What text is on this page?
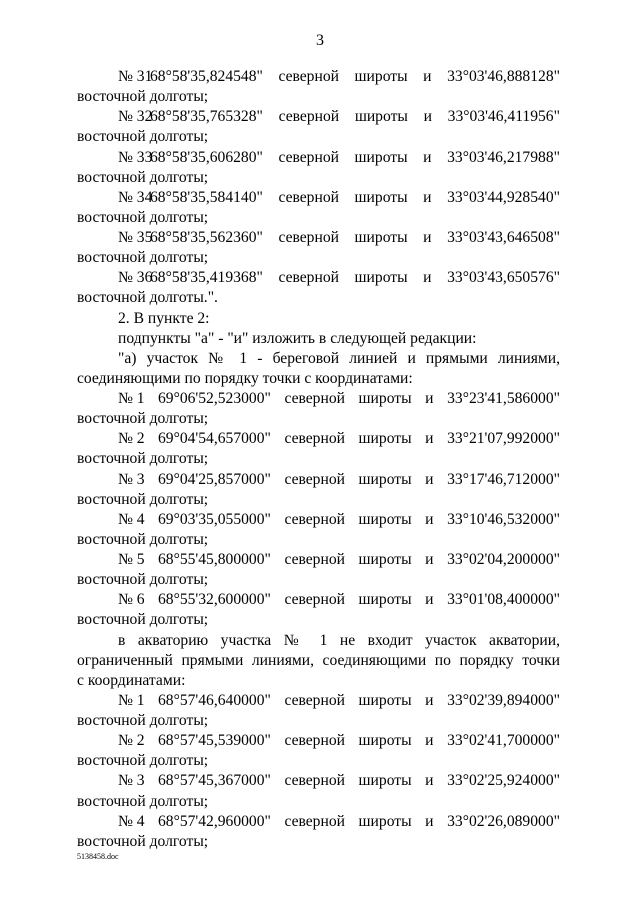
3
№ 3168°58'35,824548" северной широты и 33°03'46,888128"
восточной долготы;
№ 3268°58'35,765328" северной широты и 33°03'46,411956"
восточной долготы;
№ 3368°58'35,606280" северной широты и 33°03'46,217988"
восточной долготы;
№ 3468°58'35,584140" северной широты и 33°03'44,928540"
восточной долготы;
№ 3568°58'35,562360" северной широты и 33°03'43,646508"
восточной долготы;
№ 3668°58'35,419368" северной широты и 33°03'43,650576"
восточной долготы.".
2. В пункте 2:
подпункты "а" - "и" изложить в следующей редакции:
"а) участок № 1 - береговой линией и прямыми линиями,
соединяющими по порядку точки с координатами:
№ 1 69°06'52,523000" северной широты и 33°23'41,586000"
восточной долготы;
№ 2 69°04'54,657000" северной широты и 33°21'07,992000"
восточной долготы;
№ 3 69°04'25,857000" северной широты и 33°17'46,712000"
восточной долготы;
№ 4 69°03'35,055000" северной широты и 33°10'46,532000"
восточной долготы;
№ 5 68°55'45,800000" северной широты и 33°02'04,200000"
восточной долготы;
№ 6 68°55'32,600000" северной широты и 33°01'08,400000"
восточной долготы;
в акваторию участка № 1 не входит участок акватории,
ограниченный прямыми линиями, соединяющими по порядку точки
с координатами:
№ 1 68°57'46,640000" северной широты и 33°02'39,894000"
восточной долготы;
№ 2 68°57'45,539000" северной широты и 33°02'41,700000"
восточной долготы;
№ 3 68°57'45,367000" северной широты и 33°02'25,924000"
восточной долготы;
№ 4 68°57'42,960000" северной широты и 33°02'26,089000"
восточной долготы;
5138458.doc
